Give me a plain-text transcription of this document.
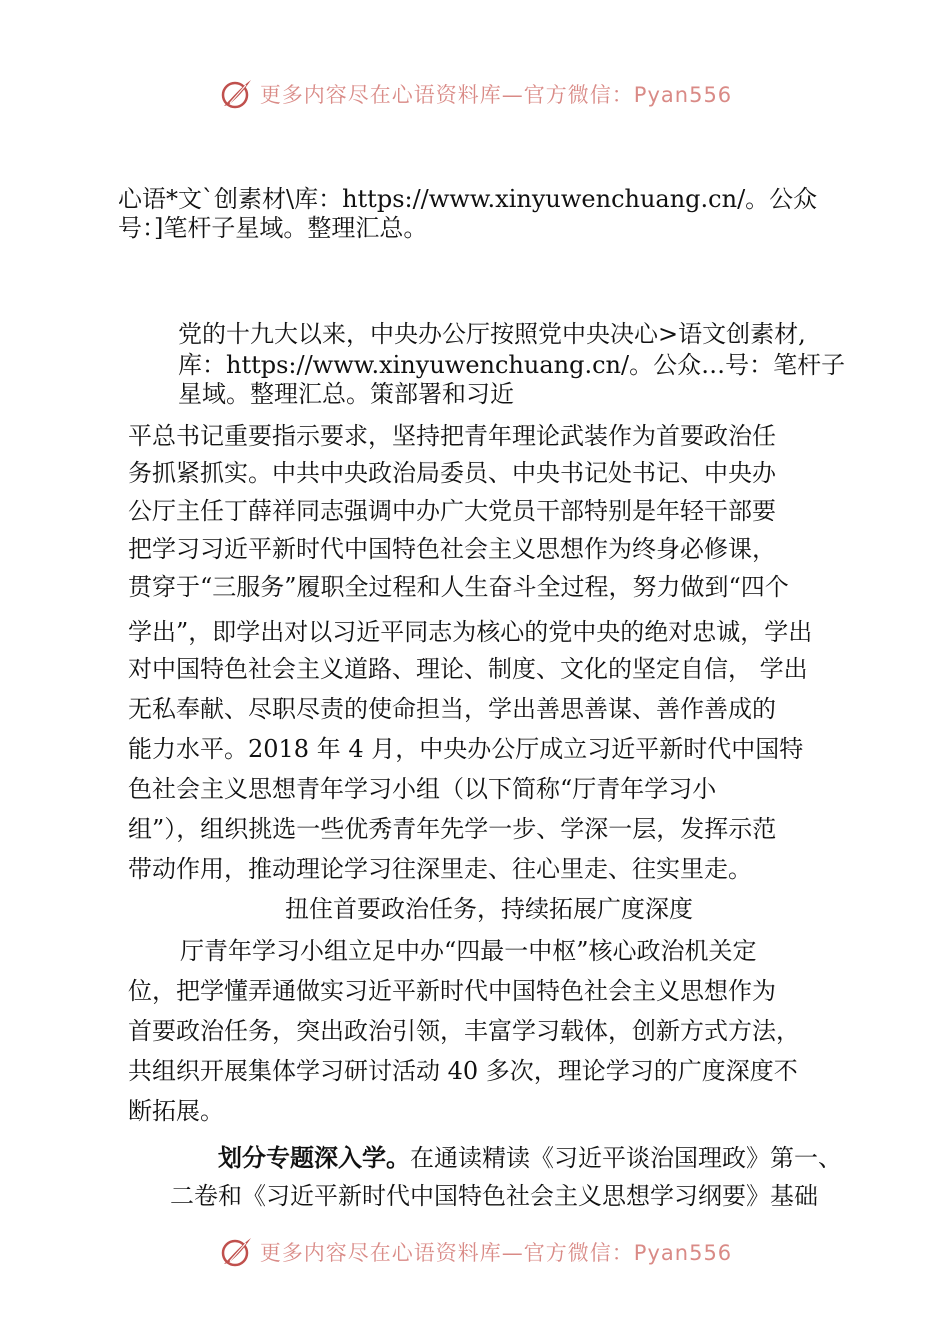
更多内容尽在心语资料库—官方微信：Pyan556
心语*文`创素材\库：https://www.xinyuwenchuang.cn/。公众
号：]笔杆子星域。整理汇总。
党的十九大以来，中央办公厅按照党中央决心>语文创素材,
库：https://www.xinyuwenchuang.cn/。公众…号：笔杆子
星域。整理汇总。策部署和习近
平总书记重要指示要求，坚持把青年理论武装作为首要政治任
务抓紧抓实。中共中央政治局委员、中央书记处书记、中央办
公厅主任丁薛祥同志强调中办广大党员干部特别是年轻干部要
把学习习近平新时代中国特色社会主义思想作为终身必修课，
贯穿于“三服务”履职全过程和人生奋斗全过程，努力做到“四个
学出”，即学出对以习近平同志为核心的党中央的绝对忠诚，学出
对中国特色社会主义道路、理论、制度、文化的坚定自信， 学出
无私奉献、尽职尽责的使命担当，学出善思善谋、善作善成的
能力水平。2018 年 4 月，中央办公厅成立习近平新时代中国特
色社会主义思想青年学习小组（以下简称“厅青年学习小
组”），组织挑选一些优秀青年先学一步、学深一层，发挥示范
带动作用，推动理论学习往深里走、往心里走、往实里走。
扭住首要政治任务，持续拓展广度深度
厅青年学习小组立足中办“四最一中枢”核心政治机关定
位，把学懂弄通做实习近平新时代中国特色社会主义思想作为
首要政治任务，突出政治引领，丰富学习载体，创新方式方法，
共组织开展集体学习研讨活动 40 多次，理论学习的广度深度不
断拓展。
划分专题深入学。在通读精读《习近平谈治国理政》第一、
二卷和《习近平新时代中国特色社会主义思想学习纲要》基础
更多内容尽在心语资料库—官方微信：Pyan556
